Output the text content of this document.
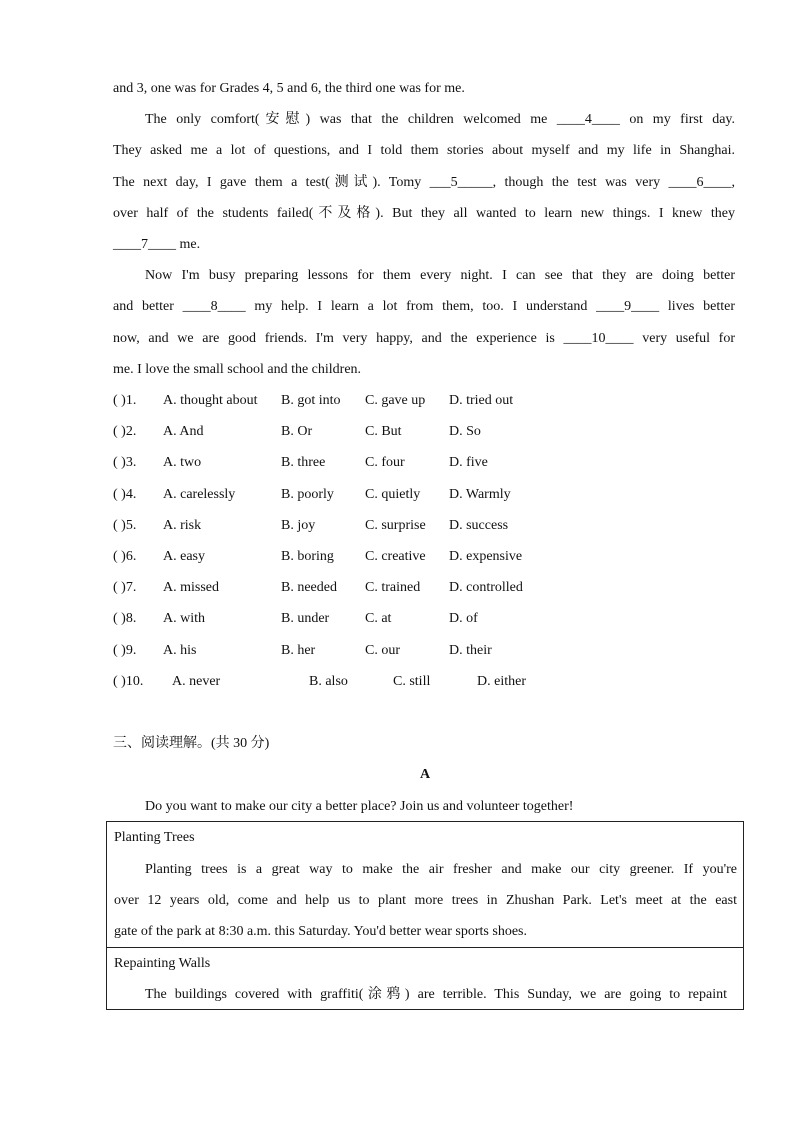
and 3, one was for Grades 4, 5 and 6, the third one was for me.
The only comfort(安慰) was that the children welcomed me ____4____ on my first day.
They asked me a lot of questions, and I told them stories about myself and my life in Shanghai.
The next day, I gave them a test(测试). Tomy ___5_____, though the test was very ____6____,
over half of the students failed(不及格). But they all wanted to learn new things. I knew they
____7____ me.
Now I'm busy preparing lessons for them every night. I can see that they are doing better
and better ____8____ my help. I learn a lot from them, too. I understand ____9____ lives better
now, and we are good friends. I'm very happy, and the experience is ____10____ very useful for
me. I love the small school and the children.
( )1. A. thought about B. got into C. gave up D. tried out
( )2. A. And	B. Or	C. But	D. So
( )3. A. two	B. three	C. four	D. five
( )4. A. carelessly	B. poorly C. quietly D. Warmly
( )5. A. risk	B. joy	C. surprise D. success
( )6. A. easy	B. boring C. creative D. expensive
( )7. A. missed	B. needed C. trained D. controlled
( )8. A. with	B. under	C. at	D. of
( )9. A. his	B. her	C. our	D. their
( )10. A. never	B. also	C. still	D. either
三、阅读理解。(共 30 分)
A
Do you want to make our city a better place? Join us and volunteer together!
Planting Trees
Planting trees is a great way to make the air fresher and make our city greener. If you're
over 12 years old, come and help us to plant more trees in Zhushan Park. Let's meet at the east
gate of the park at 8:30 a.m. this Saturday. You'd better wear sports shoes.
Repainting Walls
The buildings covered with graffiti(涂鸦) are terrible. This Sunday, we are going to repaint
